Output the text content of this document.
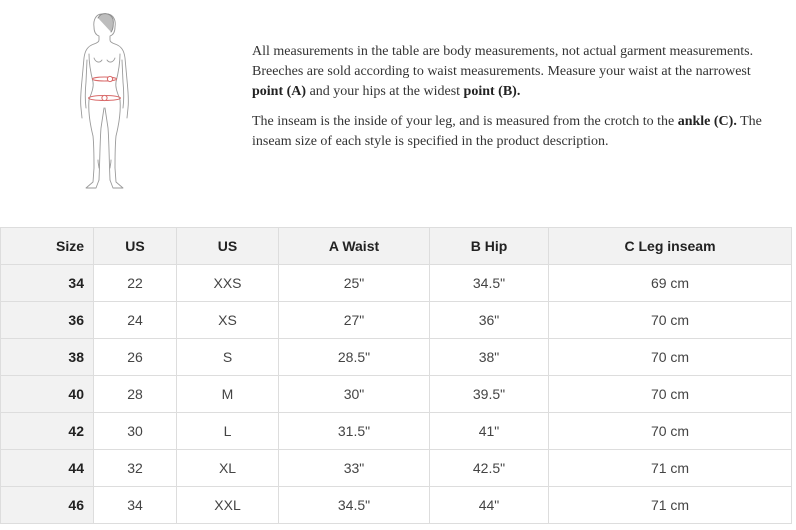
All measurements in the table are body measurements, not actual garment measurements. Breeches are sold according to waist measurements. Measure your waist at the narrowest point (A) and your hips at the widest point (B).

The inseam is the inside of your leg, and is measured from the crotch to the ankle (C). The inseam size of each style is specified in the product description.

Size	US	US	A Waist	B Hip	C Leg inseam
34	22	XXS	25"	34.5"	69 cm
36	24	XS	27"	36"	70 cm
38	26	S	28.5"	38"	70 cm
40	28	M	30"	39.5"	70 cm
42	30	L	31.5"	41"	70 cm
44	32	XL	33"	42.5"	71 cm
46	34	XXL	34.5"	44"	71 cm
